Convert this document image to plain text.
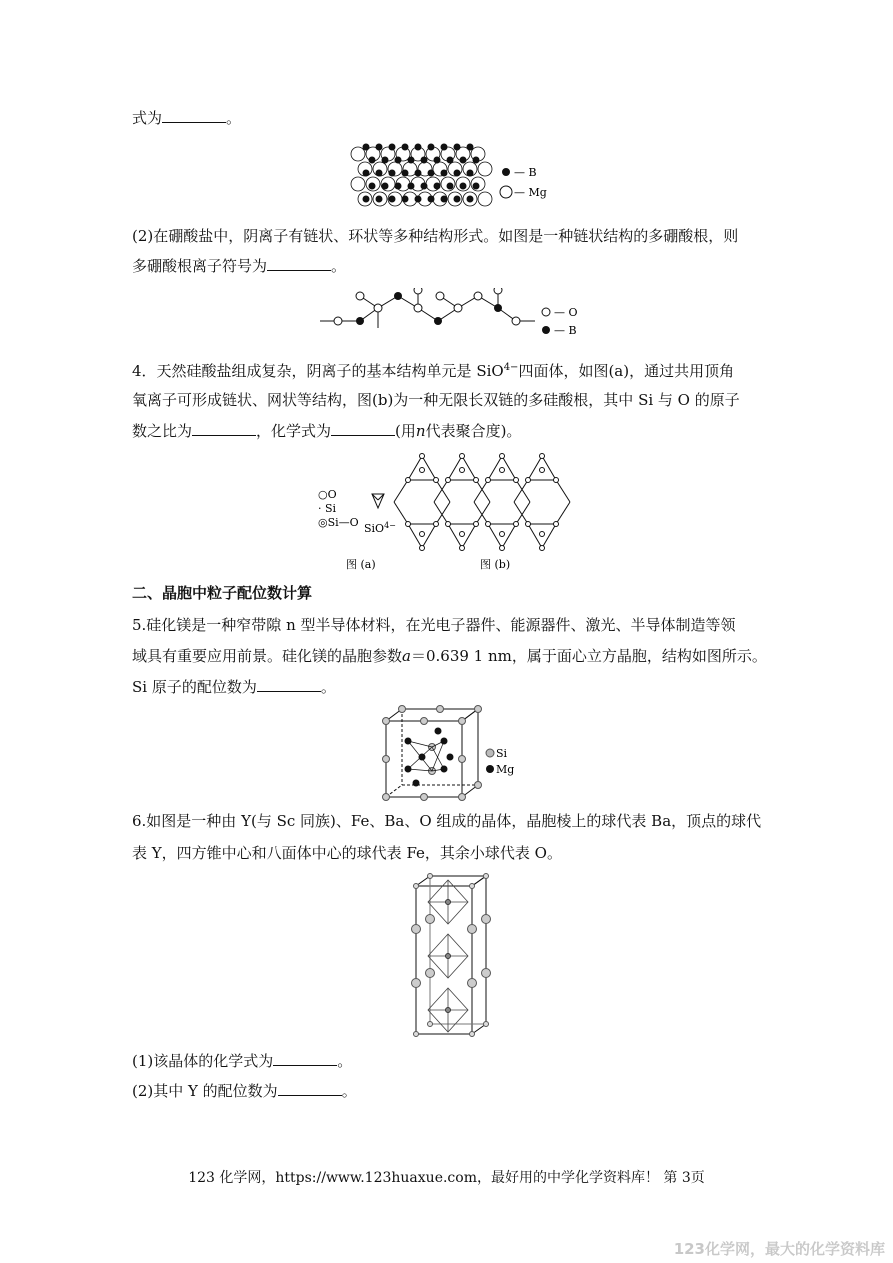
式为	。
— B
— Mg
(2)在硼酸盐中，阴离子有链状、环状等多种结构形式。如图是一种链状结构的多硼酸根，则
多硼酸根离子符号为	。
— O
— B
4．天然硅酸盐组成复杂，阴离子的基本结构单元是 SiO$^{4-}$四面体，如图(a)，通过共用顶角
氧离子可形成链状、网状等结构，图(b)为一种无限长双链的多硅酸根，其中 Si 与 O 的原子
数之比为	，化学式为	(用n代表聚合度)。
○O
· Si
◎Si—O SiO$^{4-}$
图 (a)	图 (b)
二、晶胞中粒子配位数计算
5.硅化镁是一种窄带隙 n 型半导体材料，在光电子器件、能源器件、激光、半导体制造等领
域具有重要应用前景。硅化镁的晶胞参数a＝0.639 1 nm，属于面心立方晶胞，结构如图所示。
Si 原子的配位数为	。
Si
Mg
6.如图是一种由 Y(与 Sc 同族)、Fe、Ba、O 组成的晶体，晶胞棱上的球代表 Ba，顶点的球代
表 Y，四方锥中心和八面体中心的球代表 Fe，其余小球代表 O。
(1)该晶体的化学式为	。
(2)其中 Y 的配位数为	。
123 化学网，https://www.123huaxue.com，最好用的中学化学资料库！ 第 3页
123化学网，最大的化学资料库
